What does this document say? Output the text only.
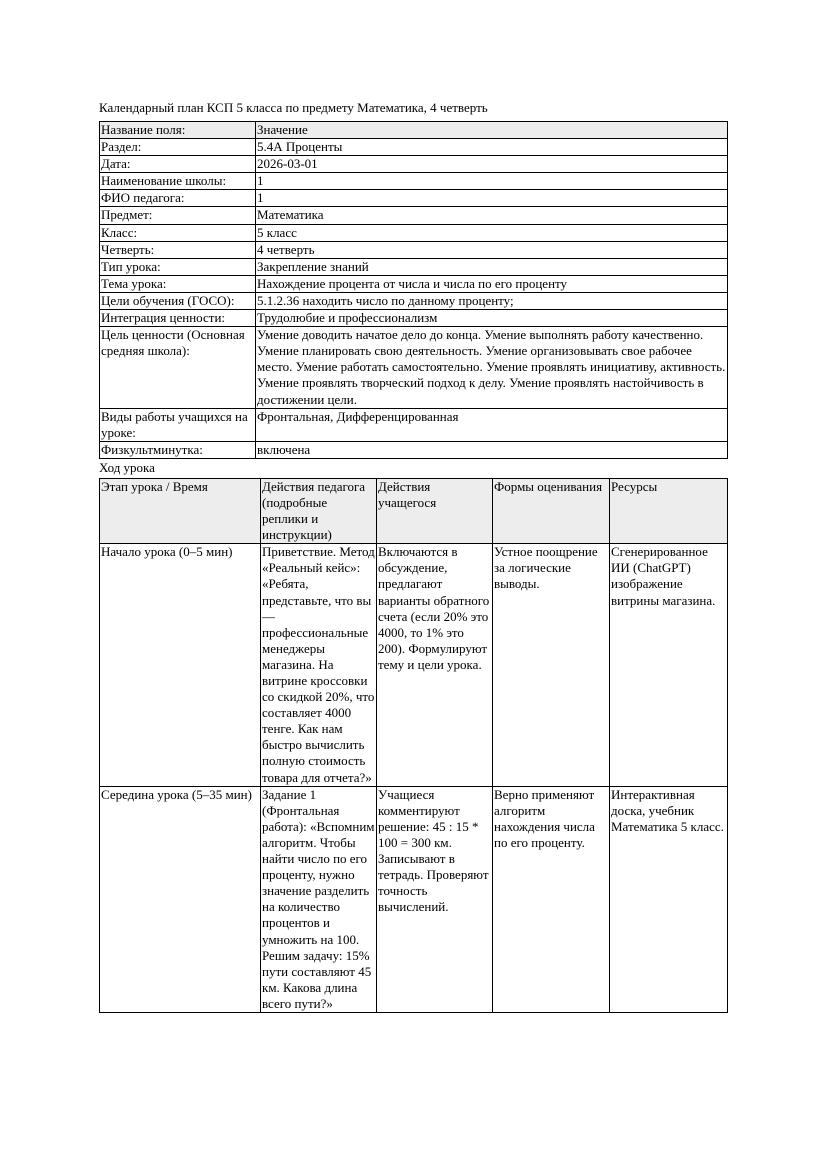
Календарный план КСП 5 класса по предмету Математика, 4 четверть
Название поля:	Значение
Раздел:	5.4А Проценты
Дата:	2026-03-01
Наименование школы:	1
ФИО педагога:	1
Предмет:	Математика
Класс:	5 класс
Четверть:	4 четверть
Тип урока:	Закрепление знаний
Тема урока:	Нахождение процента от числа и числа по его проценту
Цели обучения (ГОСО):	5.1.2.36 находить число по данному проценту;
Интеграция ценности:	Трудолюбие и профессионализм
Цель ценности (Основная средняя школа):	Умение доводить начатое дело до конца. Умение выполнять работу качественно. Умение планировать свою деятельность. Умение организовывать свое рабочее место. Умение работать самостоятельно. Умение проявлять инициативу, активность. Умение проявлять творческий подход к делу. Умение проявлять настойчивость в достижении цели.
Виды работы учащихся на уроке:	Фронтальная, Дифференцированная
Физкультминутка:	включена
Ход урока
Этап урока / Время	Действия педагога (подробные реплики и инструкции)	Действия учащегося	Формы оценивания	Ресурсы
Начало урока (0–5 мин)	Приветствие. Метод «Реальный кейс»: «Ребята, представьте, что вы — профессиональные менеджеры магазина. На витрине кроссовки со скидкой 20%, что составляет 4000 тенге. Как нам быстро вычислить полную стоимость товара для отчета?»	Включаются в обсуждение, предлагают варианты обратного счета (если 20% это 4000, то 1% это 200). Формулируют тему и цели урока.	Устное поощрение за логические выводы.	Сгенерированное ИИ (ChatGPT) изображение витрины магазина.
Середина урока (5–35 мин)	Задание 1 (Фронтальная работа): «Вспомним алгоритм. Чтобы найти число по его проценту, нужно значение разделить на количество процентов и умножить на 100. Решим задачу: 15% пути составляют 45 км. Какова длина всего пути?»	Учащиеся комментируют решение: 45 : 15 * 100 = 300 км. Записывают в тетрадь. Проверяют точность вычислений.	Верно применяют алгоритм нахождения числа по его проценту.	Интерактивная доска, учебник Математика 5 класс.
